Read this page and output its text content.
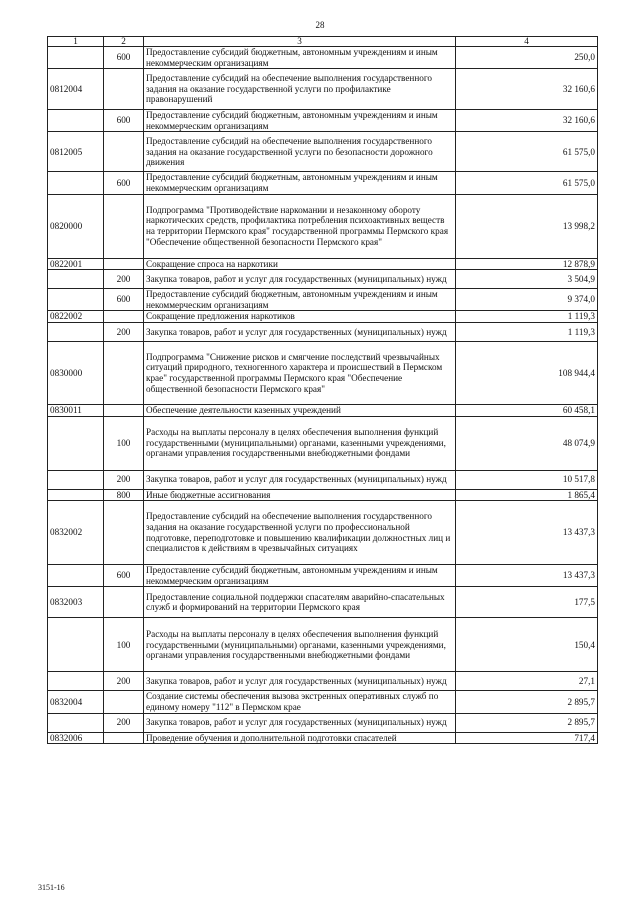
28
1	2	3	4
	600	Предоставление субсидий бюджетным, автономным учреждениям и иным некоммерческим организациям	250,0
0812004		Предоставление субсидий на обеспечение выполнения государственного задания на оказание государственной услуги по профилактике правонарушений	32 160,6
	600	Предоставление субсидий бюджетным, автономным учреждениям и иным некоммерческим организациям	32 160,6
0812005		Предоставление субсидий на обеспечение выполнения государственного задания на оказание государственной услуги по безопасности дорожного движения	61 575,0
	600	Предоставление субсидий бюджетным, автономным учреждениям и иным некоммерческим организациям	61 575,0
0820000		Подпрограмма "Противодействие наркомании и незаконному обороту наркотических средств, профилактика потребления психоактивных веществ на территории Пермского края" государственной программы Пермского края "Обеспечение общественной безопасности Пермского края"	13 998,2
0822001		Сокращение спроса на наркотики	12 878,9
	200	Закупка товаров, работ и услуг для государственных (муниципальных) нужд	3 504,9
	600	Предоставление субсидий бюджетным, автономным учреждениям и иным некоммерческим организациям	9 374,0
0822002		Сокращение предложения наркотиков	1 119,3
	200	Закупка товаров, работ и услуг для государственных (муниципальных) нужд	1 119,3
0830000		Подпрограмма "Снижение рисков и смягчение последствий чрезвычайных ситуаций природного, техногенного характера и происшествий в Пермском крае" государственной программы Пермского края "Обеспечение общественной безопасности Пермского края"	108 944,4
0830011		Обеспечение деятельности казенных учреждений	60 458,1
	100	Расходы на выплаты персоналу в целях обеспечения выполнения функций государственными (муниципальными) органами, казенными учреждениями, органами управления государственными внебюджетными фондами	48 074,9
	200	Закупка товаров, работ и услуг для государственных (муниципальных) нужд	10 517,8
	800	Иные бюджетные ассигнования	1 865,4
0832002		Предоставление субсидий на обеспечение выполнения государственного задания на оказание государственной услуги по профессиональной подготовке, переподготовке и повышению квалификации должностных лиц и специалистов к действиям в чрезвычайных ситуациях	13 437,3
	600	Предоставление субсидий бюджетным, автономным учреждениям и иным некоммерческим организациям	13 437,3
0832003		Предоставление социальной поддержки спасателям аварийно-спасательных служб и формирований на территории Пермского края	177,5
	100	Расходы на выплаты персоналу в целях обеспечения выполнения функций государственными (муниципальными) органами, казенными учреждениями, органами управления государственными внебюджетными фондами	150,4
	200	Закупка товаров, работ и услуг для государственных (муниципальных) нужд	27,1
0832004		Создание системы обеспечения вызова экстренных оперативных служб по единому номеру "112" в Пермском крае	2 895,7
	200	Закупка товаров, работ и услуг для государственных (муниципальных) нужд	2 895,7
0832006		Проведение обучения и дополнительной подготовки спасателей	717,4
3151-16
